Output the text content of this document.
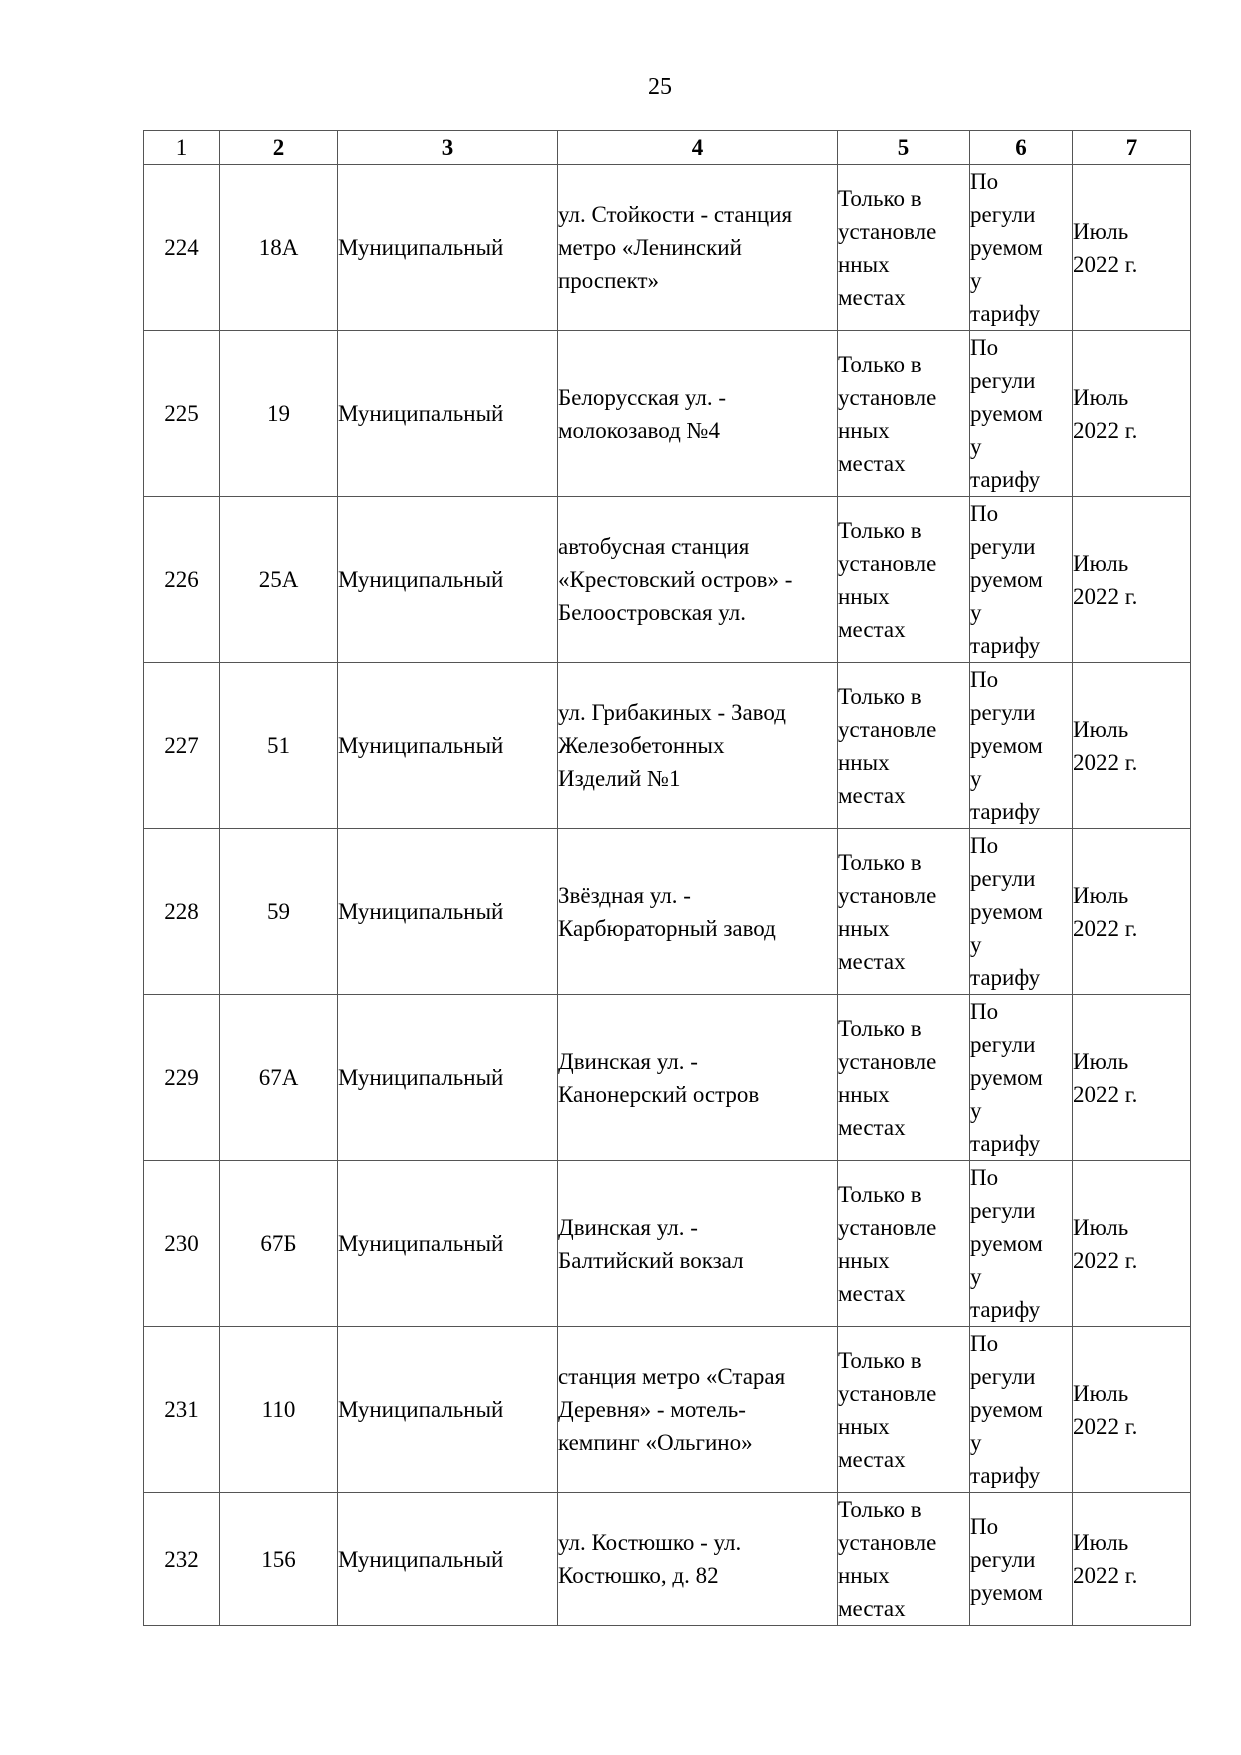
25
1	2	3	4	5	6	7
224	18А	Муниципальный	ул. Стойкости - станция
метро «Ленинский
проспект»	Только в
установле
нных
местах	По
регули
руемом
у
тарифу	Июль
2022 г.

225	19	Муниципальный	Белорусская ул. -
молокозавод №4	Только в
установле
нных
местах	По
регули
руемом
у
тарифу	Июль
2022 г.

226	25А	Муниципальный	автобусная станция
«Крестовский остров» -
Белоостровская ул.	Только в
установле
нных
местах	По
регули
руемом
у
тарифу	Июль
2022 г.

227	51	Муниципальный	ул. Грибакиных - Завод
Железобетонных
Изделий №1	Только в
установле
нных
местах	По
регули
руемом
у
тарифу	Июль
2022 г.

228	59	Муниципальный	Звёздная ул. -
Карбюраторный завод	Только в
установле
нных
местах	По
регули
руемом
у
тарифу	Июль
2022 г.

229	67А	Муниципальный	Двинская ул. -
Канонерский остров	Только в
установле
нных
местах	По
регули
руемом
у
тарифу	Июль
2022 г.

230	67Б	Муниципальный	Двинская ул. -
Балтийский вокзал	Только в
установле
нных
местах	По
регули
руемом
у
тарифу	Июль
2022 г.

231	110	Муниципальный	станция метро «Старая
Деревня» - мотель-
кемпинг «Ольгино»	Только в
установле
нных
местах	По
регули
руемом
у
тарифу	Июль
2022 г.

232	156	Муниципальный	ул. Костюшко - ул.
Костюшко, д. 82	Только в
установле
нных
местах	По
регули
руемом	Июль
2022 г.
